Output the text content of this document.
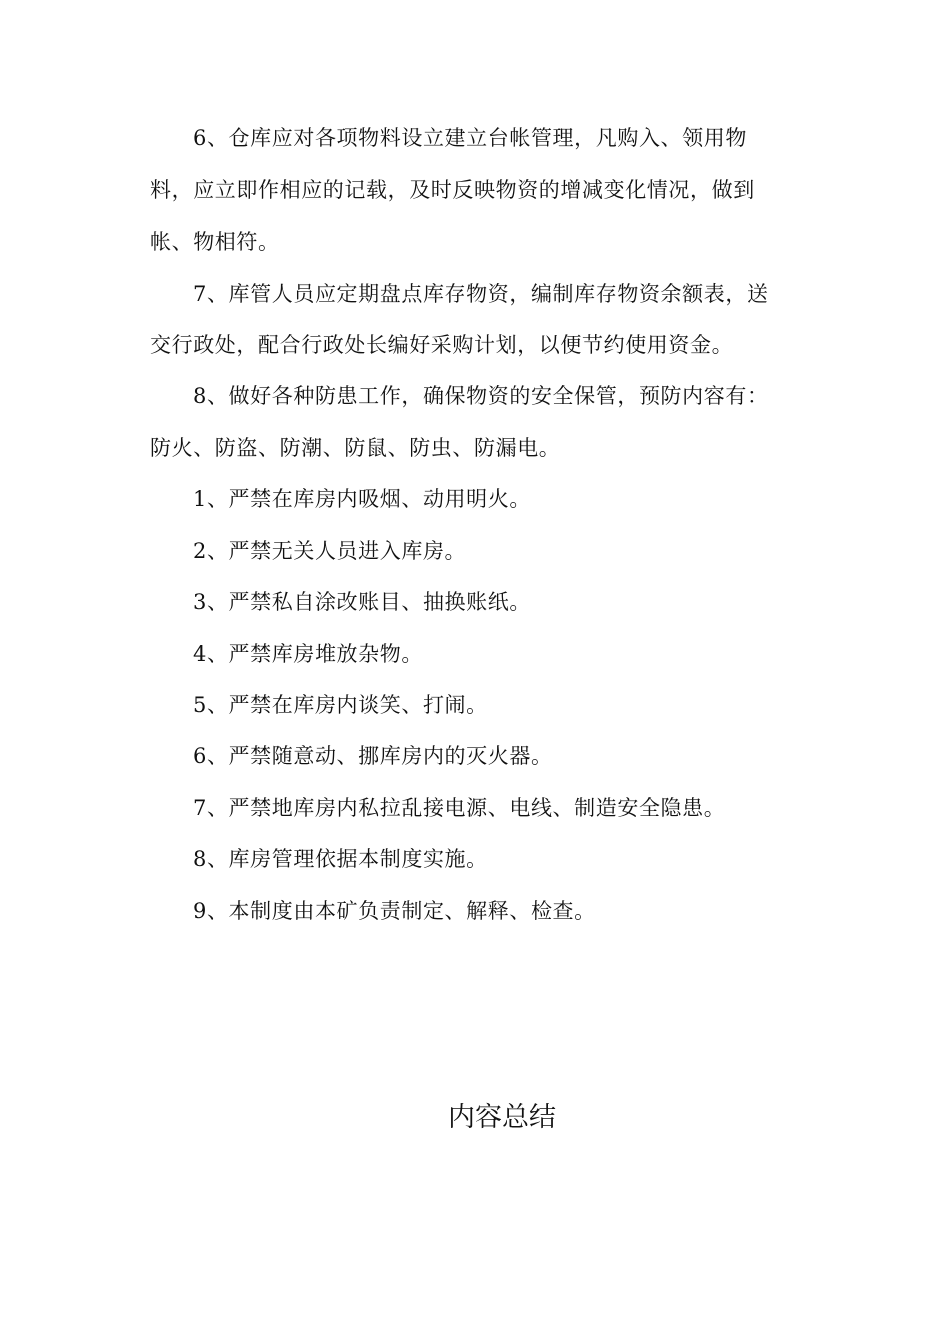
6、仓库应对各项物料设立建立台帐管理，凡购入、领用物
料，应立即作相应的记载，及时反映物资的增减变化情况，做到
帐、物相符。
7、库管人员应定期盘点库存物资，编制库存物资余额表，送
交行政处，配合行政处长编好采购计划，以便节约使用资金。
8、做好各种防患工作，确保物资的安全保管，预防内容有：
防火、防盗、防潮、防鼠、防虫、防漏电。
1、严禁在库房内吸烟、动用明火。
2、严禁无关人员进入库房。
3、严禁私自涂改账目、抽换账纸。
4、严禁库房堆放杂物。
5、严禁在库房内谈笑、打闹。
6、严禁随意动、挪库房内的灭火器。
7、严禁地库房内私拉乱接电源、电线、制造安全隐患。
8、库房管理依据本制度实施。
9、本制度由本矿负责制定、解释、检查。
内容总结
